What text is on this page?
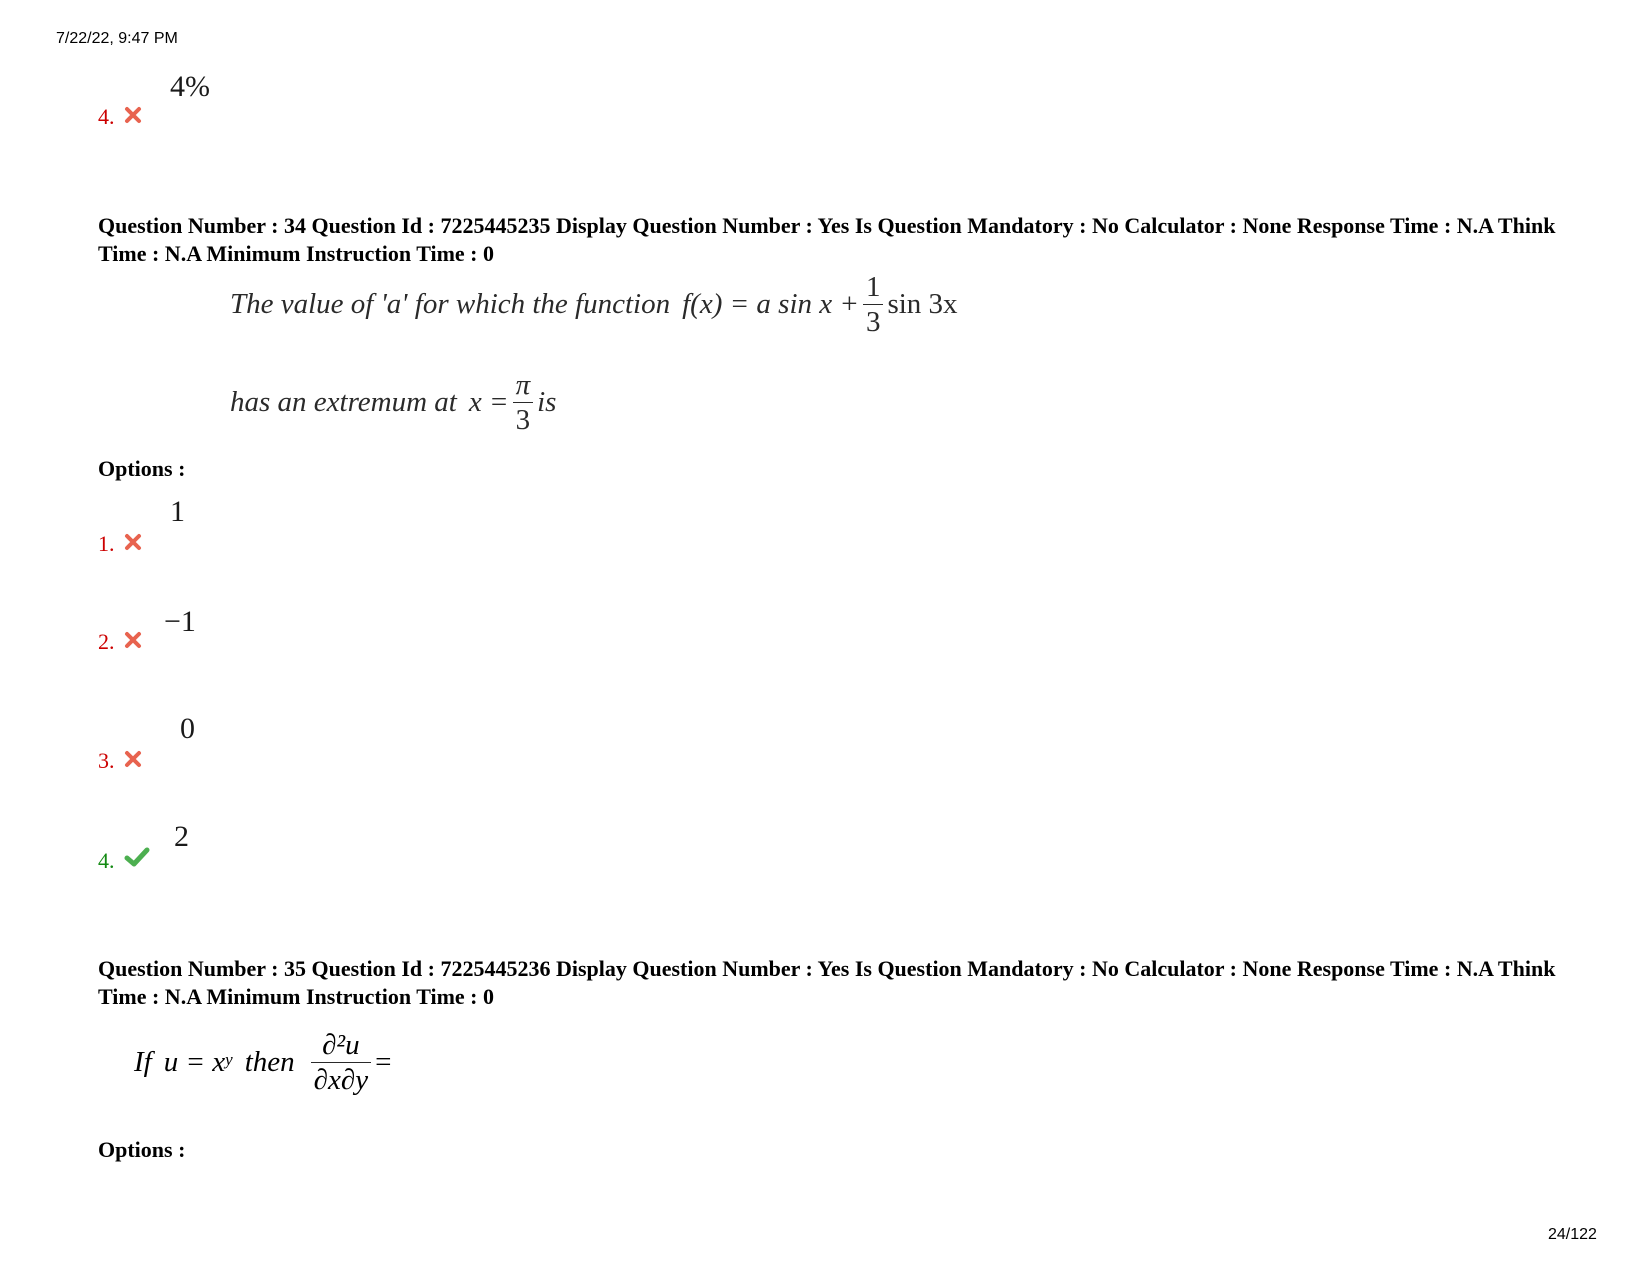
7/22/22, 9:47 PM
4.
4%
Question Number : 34 Question Id : 7225445235 Display Question Number : Yes Is Question Mandatory : No Calculator : None Response Time : N.A Think Time : N.A Minimum Instruction Time : 0
The value of 'a' for which the function f(x) = a $\sin x + \frac{1}{3}$ sin 3x
has an extremum at $x = \frac{\pi}{3}$ is
Options :
1.
1
2.
−1
3.
0
4.
2
Question Number : 35 Question Id : 7225445236 Display Question Number : Yes Is Question Mandatory : No Calculator : None Response Time : N.A Think Time : N.A Minimum Instruction Time : 0
If u = x y then $\frac{\text{∂²u}}{\partial x\partial y}$ =
Options :
24/122
